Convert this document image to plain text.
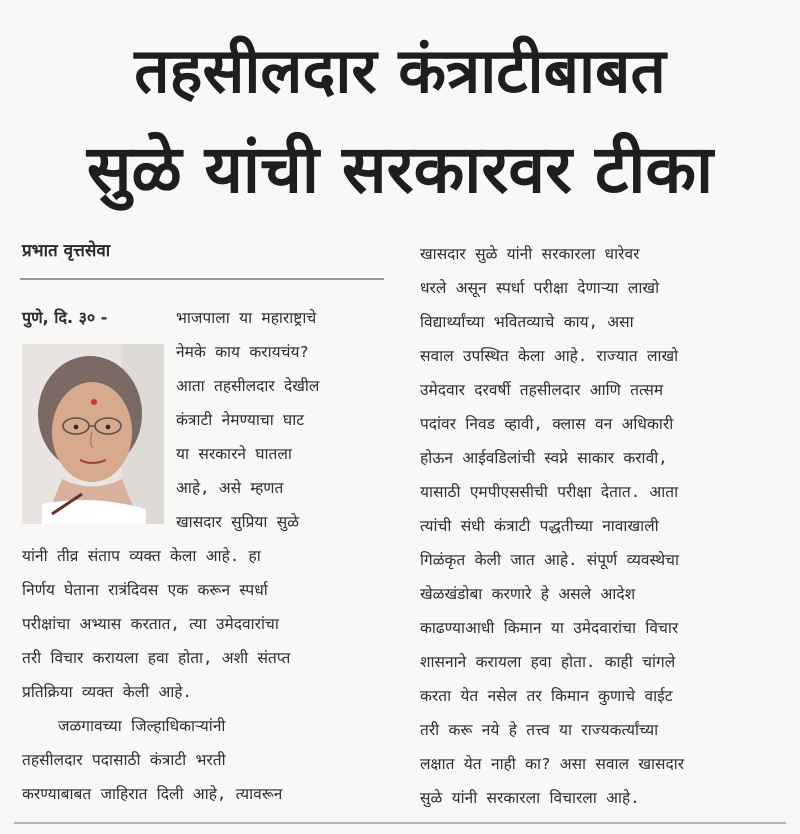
तहसीलदार कंत्राटीबाबत
सुळे यांची सरकारवर टीका
प्रभात वृत्तसेवा
पुणे, दि. ३० -	भाजपाला या महाराष्ट्राचे
नेमके काय करायचंय?
आता तहसीलदार देखील
कंत्राटी नेमण्याचा घाट
या सरकारने घातला
आहे, असे म्हणत
खासदार सुप्रिया सुळे
यांनी तीव्र संताप व्यक्त केला आहे. हा
निर्णय घेताना रात्रंदिवस एक करून स्पर्धा
परीक्षांचा अभ्यास करतात, त्या उमेदवारांचा
तरी विचार करायला हवा होता, अशी संतप्त
प्रतिक्रिया व्यक्त केली आहे.
जळगावच्या जिल्हाधिकाऱ्यांनी
तहसीलदार पदासाठी कंत्राटी भरती
करण्याबाबत जाहिरात दिली आहे, त्यावरून
खासदार सुळे यांनी सरकारला धारेवर
धरले असून स्पर्धा परीक्षा देणाऱ्या लाखो
विद्यार्थ्यांच्या भवितव्याचे काय, असा
सवाल उपस्थित केला आहे. राज्यात लाखो
उमेदवार दरवर्षी तहसीलदार आणि तत्सम
पदांवर निवड व्हावी, क्लास वन अधिकारी
होऊन आईवडिलांची स्वप्ने साकार करावी,
यासाठी एमपीएससीची परीक्षा देतात. आता
त्यांची संधी कंत्राटी पद्धतीच्या नावाखाली
गिळंकृत केली जात आहे. संपूर्ण व्यवस्थेचा
खेळखंडोबा करणारे हे असले आदेश
काढण्याआधी किमान या उमेदवारांचा विचार
शासनाने करायला हवा होता. काही चांगले
करता येत नसेल तर किमान कुणाचे वाईट
तरी करू नये हे तत्त्व या राज्यकर्त्यांच्या
लक्षात येत नाही का? असा सवाल खासदार
सुळे यांनी सरकारला विचारला आहे.
